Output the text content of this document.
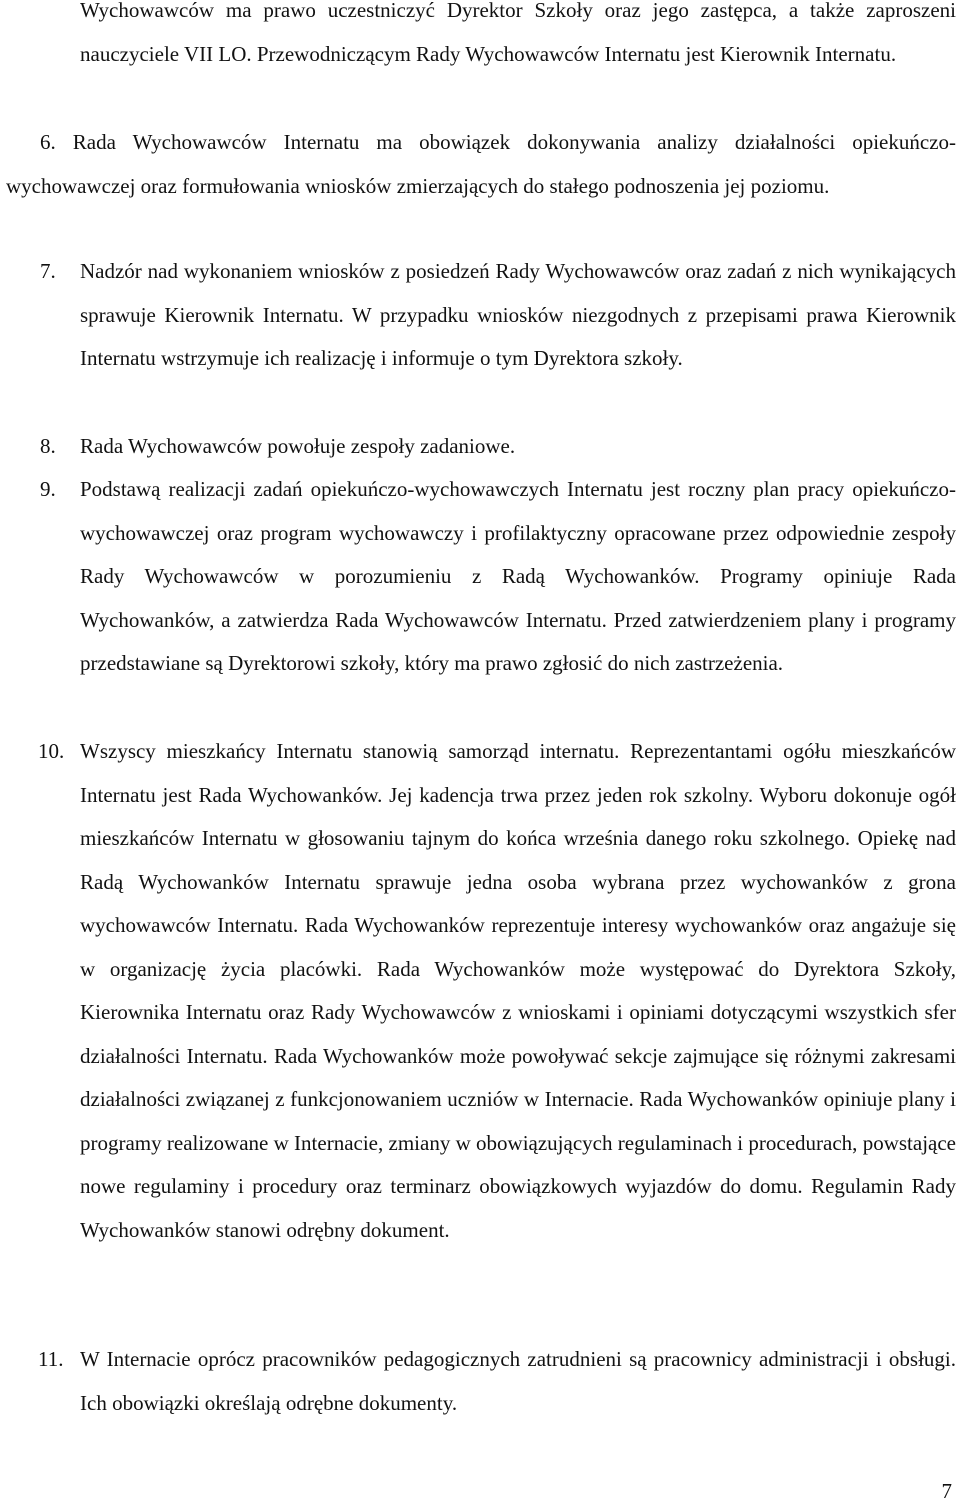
Wychowawców ma prawo uczestniczyć Dyrektor Szkoły oraz jego zastępca, a także zaproszeni nauczyciele VII LO. Przewodniczącym Rady Wychowawców Internatu jest Kierownik Internatu.

6. Rada Wychowawców Internatu ma obowiązek dokonywania analizy działalności opiekuńczo-wychowawczej oraz formułowania wniosków zmierzających do stałego podnoszenia jej poziomu.

7. Nadzór nad wykonaniem wniosków z posiedzeń Rady Wychowawców oraz zadań z nich wynikających sprawuje Kierownik Internatu. W przypadku wniosków niezgodnych z przepisami prawa Kierownik Internatu wstrzymuje ich realizację i informuje o tym Dyrektora szkoły.
8. Rada Wychowawców powołuje zespoły zadaniowe.
9. Podstawą realizacji zadań opiekuńczo-wychowawczych Internatu jest roczny plan pracy opiekuńczo-wychowawczej oraz program wychowawczy i profilaktyczny opracowane przez odpowiednie zespoły Rady Wychowawców w porozumieniu z Radą Wychowanków. Programy opiniuje Rada Wychowanków, a zatwierdza Rada Wychowawców Internatu. Przed zatwierdzeniem plany i programy przedstawiane są Dyrektorowi szkoły, który ma prawo zgłosić do nich zastrzeżenia.
10. Wszyscy mieszkańcy Internatu stanowią samorząd internatu. Reprezentantami ogółu mieszkańców Internatu jest Rada Wychowanków. Jej kadencja trwa przez jeden rok szkolny. Wyboru dokonuje ogół mieszkańców Internatu w głosowaniu tajnym do końca września danego roku szkolnego. Opiekę nad Radą Wychowanków Internatu sprawuje jedna osoba wybrana przez wychowanków z grona wychowawców Internatu. Rada Wychowanków reprezentuje interesy wychowanków oraz angażuje się w organizację życia placówki. Rada Wychowanków może występować do Dyrektora Szkoły, Kierownika Internatu oraz Rady Wychowawców z wnioskami i opiniami dotyczącymi wszystkich sfer działalności Internatu. Rada Wychowanków może powoływać sekcje zajmujące się różnymi zakresami działalności związanej z funkcjonowaniem uczniów w Internacie. Rada Wychowanków opiniuje plany i programy realizowane w Internacie, zmiany w obowiązujących regulaminach i procedurach, powstające nowe regulaminy i procedury oraz terminarz obowiązkowych wyjazdów do domu. Regulamin Rady Wychowanków stanowi odrębny dokument.
11. W Internacie oprócz pracowników pedagogicznych zatrudnieni są pracownicy administracji i obsługi. Ich obowiązki określają odrębne dokumenty.
7
